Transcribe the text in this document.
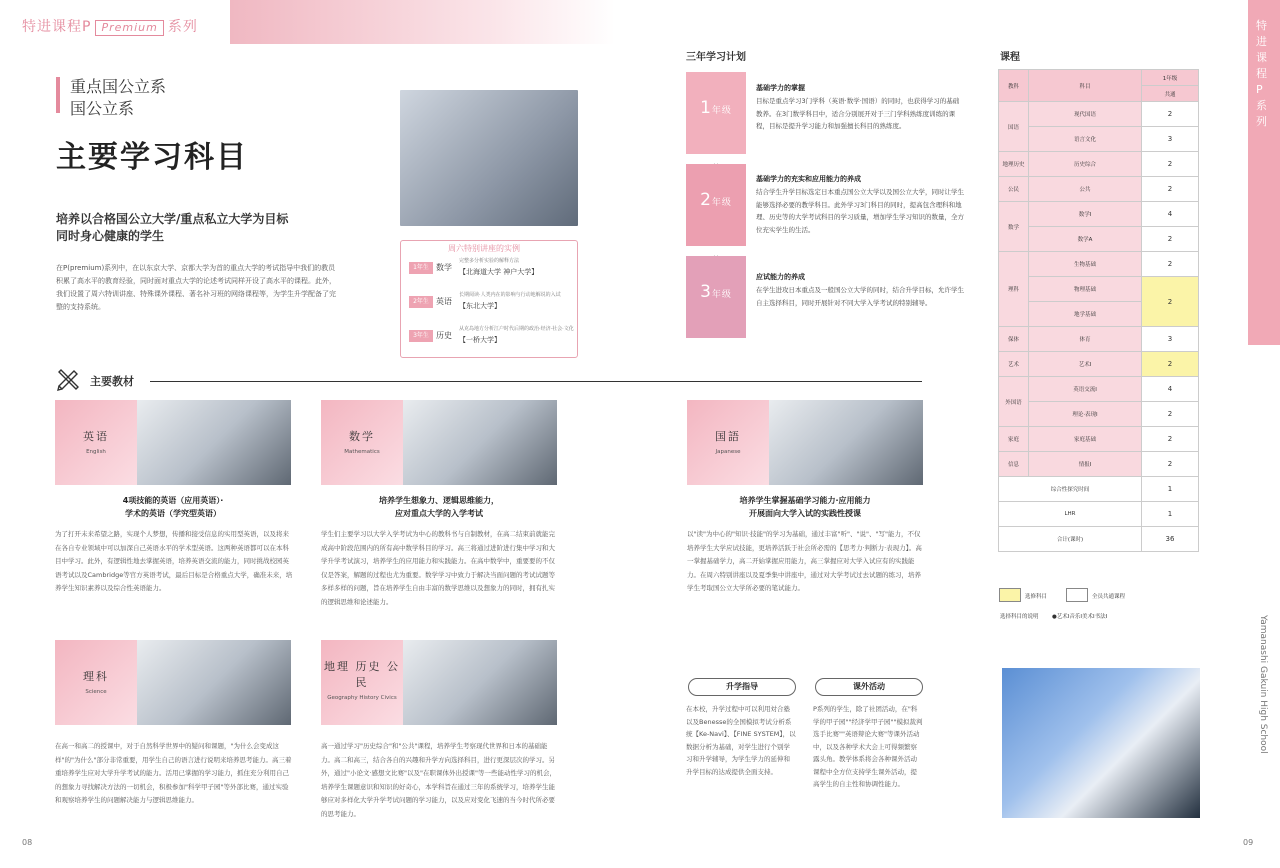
特进课程P Premium 系列	特进课程P系列
Yamanashi Gakuin High School
08	09
重点国公立系
国公立系
主要学习科目
培养以合格国公立大学/重点私立大学为目标
同时身心健康的学生
在P(premium)系列中，在以东京大学、京都大学为首的重点大学的考试指导中我们的教员积累了高水平的教育经验，同时面对重点大学的论述考试同样开设了高水平的课程。此外，我们设置了周六特训讲座、特殊课外课程、著名补习班的网络课程等，为学生升学配备了完整的支持系统。
周六特别讲座的实例
1年生 数学
完整多分析实验的解释方法
【北海道大学 神户大学】
2年生 英语
长期阅读·人类内在的影响与行动地解说的入试
【东北大学】
3年生 历史
从克岛地方分析江户时代后期的政治·经济·社会·文化
【一桥大学】
三年学习计划
1年级
2年级
3年级
基础学力的掌握
目标是重点学习3门学科（英语·数学·国语）的同时，也获得学习的基础教养。在3门数学科目中，适合分别展开对于三门学科熟练度训练的课程，目标是提升学习能力和加强擅长科目的熟练度。
基础学力的充实和应用能力的养成
结合学生升学目标选定日本重点国公立大学以及国公立大学，同时让学生能够选择必要的教学科目。此外学习3门科目的同时，提高包含理科和地理、历史等的大学考试科目的学习质量，增加学生学习知识的数量，全方位充实学生的生活。
应试能力的养成
在学生进攻日本重点及一般国公立大学的同时，结合升学目标，允许学生自主选择科目，同时开展针对不同大学入学考试的特别辅导。
主要教材
英语
English
4项技能的英语（应用英语）·
学术的英语（学究型英语）
为了打开未来希望之路，实现个人梦想，传播和接受信息的实用型英语，以及将来在各自专业领域中可以加深自己英语水平的学术型英语。这两种英语都可以在本科目中学习。此外，有逻辑性地去掌握英语，培养英语交流的能力，同时挑战校园英语考试以及Cambridge等官方英语考试，最后目标是合格重点大学，确准未来，培养学生知识素养以及综合性英语能力。
数学
Mathematics
培养学生想象力、逻辑思维能力，
应对重点大学的入学考试
学生们主要学习以大学入学考试为中心的教科书与自制教材，在高二结束前就能完成高中阶段范围内的所有高中数学科目的学习。高三将通过进阶进行集中学习和大学升学考试演习，培养学生的应用能力和实践能力。在高中数学中，重要要的不仅仅是答案，解题的过程也尤为重要。数学学习中致力于解决当面问题的考试试题等多样多样的问题，旨在培养学生自由丰富的数学思维以及想象力的同时，拥有扎实的逻辑思维和论述能力。
国語
Japanese
培养学生掌握基础学习能力·应用能力
开展面向大学入试的实践性授课
以"读"为中心的"知识·技能"的学习为基础，通过丰富"听"、"说"、"写"能力，不仅培养学生大学应试技能，更培养活跃于社会所必需的【思考力·判断力·表现力】。高一掌握基础学力，高二开始掌握应用能力，高三掌握应对大学入试应有的实践能力。在周六特别讲座以及夏季集中讲座中，通过对大学考试过去试题的练习，培养学生考取国公立大学所必要的笔试能力。
理科
Science
在高一和高二的授课中，对于自然科学世界中的疑问和课题，"为什么会变成这样"的"为什么"部分非常重要，用学生自己的语言进行说明来培养思考能力。高三着重培养学生应对大学升学考试的能力。活用已掌握的学习能力，抓住充分利用自己的想象力寻找解决方法的一切机会，积极参加"科学甲子园"等外部比赛，通过实验和观察培养学生的问题解决能力与逻辑思维能力。
地理 历史 公民
Geography History Civics
高一通过学习"历史综合"和"公共"课程，培养学生考察现代世界和日本的基础能力。高二和高三，结合各自的兴趣和升学方向选择科目，进行更深层次的学习。另外，通过"小论文·感想文比赛"以及"在职课体外出授课"等一些能动性学习的机会，培养学生课题意识和知识的好奇心，本学科旨在通过三年的系统学习，培养学生能够应对多样化大学升学考试问题的学习能力，以及应对变化飞速的当今时代所必要的思考能力。
升学指导
在本校，升学过程中可以利用対合塾以及Benesse的全国模拟考试分析系统【Ke-Navi】、【FINE SYSTEM】，以数据分析为基础，对学生进行个别学习和升学辅导，为学生学力的延伸和升学目标的达成提供全面支持。
课外活动
P系列的学生，除了社团活动，在"科学的甲子园""经济学甲子园""模拟裁判选手比赛""英语辩论大赛"等课外活动中，以及各种学术大会上可得频繁察露头角。教学体系将会各种课外活动课程中全方位支持学生课外活动，提高学生的自主性和协调性能力。
课程
教科	科目	1年级
		共通
国语	现代国语	2
	语言文化	3
地理历史	历史综合	2
公民	公共	2
数学	数学Ⅰ	4
	数学A	2
理科	生物基础	2
	物理基础	2
	地学基础	
保体	体育	3
艺术	艺术Ⅰ	2
外国语	英语交流Ⅰ	4
	理论·表现Ⅰ	2
家庭	家庭基础	2
信息	情报Ⅰ	2
综合性探究时间		1
LHR		1
合计(课时)		36
选修科目	全员共通课程
选择科目的说明 ●艺术Ⅰ音乐Ⅰ美术Ⅰ书法Ⅰ
